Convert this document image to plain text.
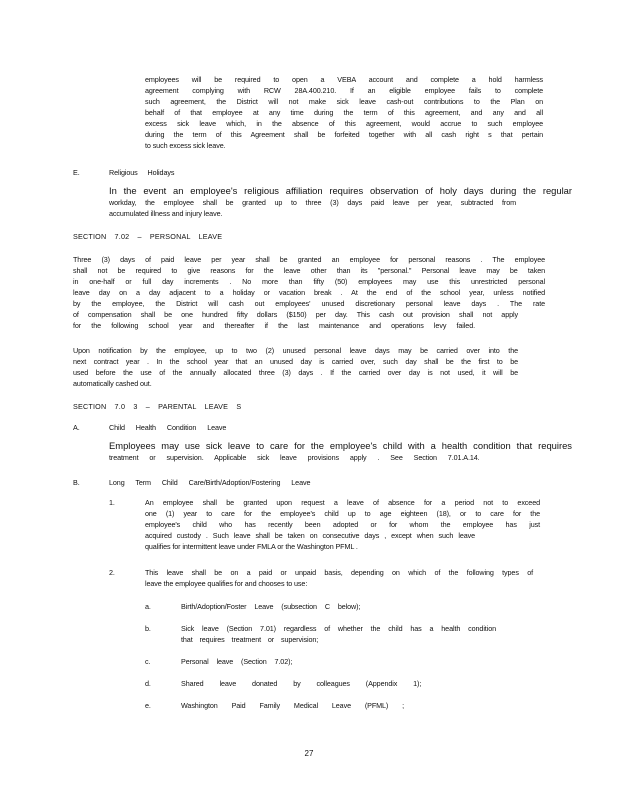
employees will be required to open a VEBA account and complete a hold harmless

agreement complying with RCW 28A.400.210. If an eligible employee fails to complete

such agreement, the District will not make sick leave cash-out contributions to the Plan on

behalf of that employee at any time during the term of this agreement, and any and all

excess sick leave which, in the absence of this agreement, would accrue to such employee

during the term of this Agreement shall be forfeited together with all cash right s that pertain

to such excess sick leave.

E.	Religious Holidays

In the event an employee's religious affiliation requires observation of holy days during the regular

workday, the employee shall be granted up to three (3) days paid leave per year, subtracted from

accumulated illness and injury leave.

SECTION 7.02 – PERSONAL LEAVE

Three (3) days of paid leave per year shall be granted an employee for personal reasons . The employee

shall not be required to give reasons for the leave other than its "personal." Personal leave may be taken

in one-half or full day increments . No more than fifty (50) employees may use this unrestricted personal

leave day on a day adjacent to a holiday or vacation break . At the end of the school year, unless notified

by the employee, the District will cash out employees' unused discretionary personal leave days . The rate

of compensation shall be one hundred fifty dollars ($150) per day. This cash out provision shall not apply

for the following school year and thereafter if the last maintenance and operations levy failed.

Upon notification by the employee, up to two (2) unused personal leave days may be carried over into the

next contract year . In the school year that an unused day is carried over, such day shall be the first to be

used before the use of the annually allocated three (3) days . If the carried over day is not used, it will be

automatically cashed out.

SECTION 7.0 3 – PARENTAL LEAVE S
A.	Child Health Condition Leave

Employees may use sick leave to care for the employee's child with a health condition that requires

treatment or supervision. Applicable sick leave provisions apply . See Section 7.01.A.14.

B.	Long Term Child Care/Birth/Adoption/Fostering Leave
1.	An employee shall be granted upon request a leave of absence for a period not to exceed

one (1) year to care for the employee's child up to age eighteen (18), or to care for the

employee's child who has recently been adopted or for whom the employee has just

acquired custody . Such leave shall be taken on consecutive days , except when such leave

qualifies for intermittent leave under FMLA or the Washington PFML .

2.	This leave shall be on a paid or unpaid basis, depending on which of the following types of

leave the employee qualifies for and chooses to use:

a.	Birth/Adoption/Foster Leave (subsection C below);
b.	Sick leave (Section 7.01) regardless of whether the child has a health condition

that requires treatment or supervision;

c.	Personal leave (Section 7.02);
d.	Shared leave donated by colleagues (Appendix 1);
e.	Washington Paid Family Medical Leave (PFML) ;
27
